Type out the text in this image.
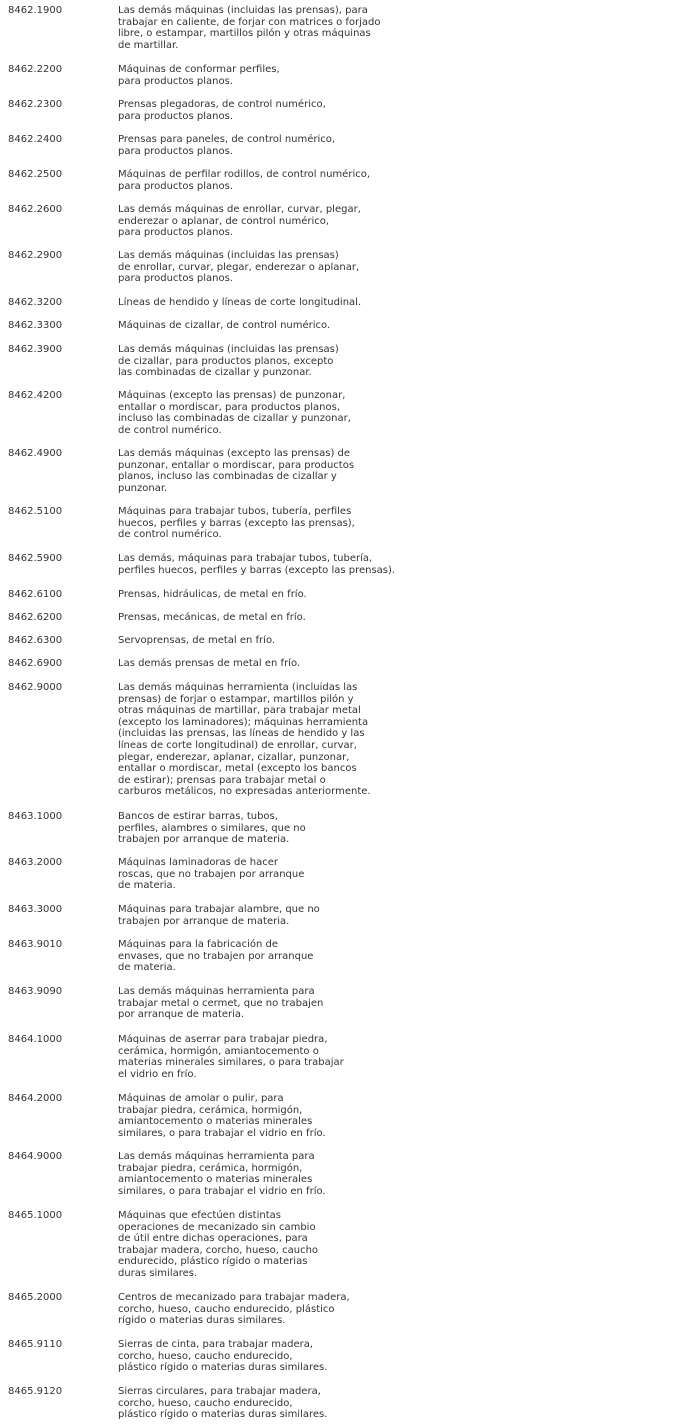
8462.1900	Las demás máquinas (incluidas las prensas), para
trabajar en caliente, de forjar con matrices o forjado
libre, o estampar, martillos pilón y otras máquinas
de martillar.
8462.2200	Máquinas de conformar perfiles,
para productos planos.
8462.2300	Prensas plegadoras, de control numérico,
para productos planos.
8462.2400	Prensas para paneles, de control numérico,
para productos planos.
8462.2500	Máquinas de perfilar rodillos, de control numérico,
para productos planos.
8462.2600	Las demás máquinas de enrollar, curvar, plegar,
enderezar o aplanar, de control numérico,
para productos planos.
8462.2900	Las demás máquinas (incluidas las prensas)
de enrollar, curvar, plegar, enderezar o aplanar,
para productos planos.
8462.3200	Líneas de hendido y líneas de corte longitudinal.
8462.3300	Máquinas de cizallar, de control numérico.
8462.3900	Las demás máquinas (incluidas las prensas)
de cizallar, para productos planos, excepto
las combinadas de cizallar y punzonar.
8462.4200	Máquinas (excepto las prensas) de punzonar,
entallar o mordiscar, para productos planos,
incluso las combinadas de cizallar y punzonar,
de control numérico.
8462.4900	Las demás máquinas (excepto las prensas) de
punzonar, entallar o mordiscar, para productos
planos, incluso las combinadas de cizallar y
punzonar.
8462.5100	Máquinas para trabajar tubos, tubería, perfiles
huecos, perfiles y barras (excepto las prensas),
de control numérico.
8462.5900	Las demás, máquinas para trabajar tubos, tubería,
perfiles huecos, perfiles y barras (excepto las prensas).
8462.6100	Prensas, hidráulicas, de metal en frío.
8462.6200	Prensas, mecánicas, de metal en frío.
8462.6300	Servoprensas, de metal en frío.
8462.6900	Las demás prensas de metal en frío.
8462.9000	Las demás máquinas herramienta (incluidas las
prensas) de forjar o estampar, martillos pilón y
otras máquinas de martillar, para trabajar metal
(excepto los laminadores); máquinas herramienta
(incluidas las prensas, las líneas de hendido y las
líneas de corte longitudinal) de enrollar, curvar,
plegar, enderezar, aplanar, cizallar, punzonar,
entallar o mordiscar, metal (excepto los bancos
de estirar); prensas para trabajar metal o
carburos metálicos, no expresadas anteriormente.
8463.1000	Bancos de estirar barras, tubos,
perfiles, alambres o similares, que no
trabajen por arranque de materia.
8463.2000	Máquinas laminadoras de hacer
roscas, que no trabajen por arranque
de materia.
8463.3000	Máquinas para trabajar alambre, que no
trabajen por arranque de materia.
8463.9010	Máquinas para la fabricación de
envases, que no trabajen por arranque
de materia.
8463.9090	Las demás máquinas herramienta para
trabajar metal o cermet, que no trabajen
por arranque de materia.
8464.1000	Máquinas de aserrar para trabajar piedra,
cerámica, hormigón, amiantocemento o
materias minerales similares, o para trabajar
el vidrio en frío.
8464.2000	Máquinas de amolar o pulir, para
trabajar piedra, cerámica, hormigón,
amiantocemento o materias minerales
similares, o para trabajar el vidrio en frío.
8464.9000	Las demás máquinas herramienta para
trabajar piedra, cerámica, hormigón,
amiantocemento o materias minerales
similares, o para trabajar el vidrio en frío.
8465.1000	Máquinas que efectúen distintas
operaciones de mecanizado sin cambio
de útil entre dichas operaciones, para
trabajar madera, corcho, hueso, caucho
endurecido, plástico rígido o materias
duras similares.
8465.2000	Centros de mecanizado para trabajar madera,
corcho, hueso, caucho endurecido, plástico
rígido o materias duras similares.
8465.9110	Sierras de cinta, para trabajar madera,
corcho, hueso, caucho endurecido,
plástico rígido o materias duras similares.
8465.9120	Sierras circulares, para trabajar madera,
corcho, hueso, caucho endurecido,
plástico rígido o materias duras similares.
